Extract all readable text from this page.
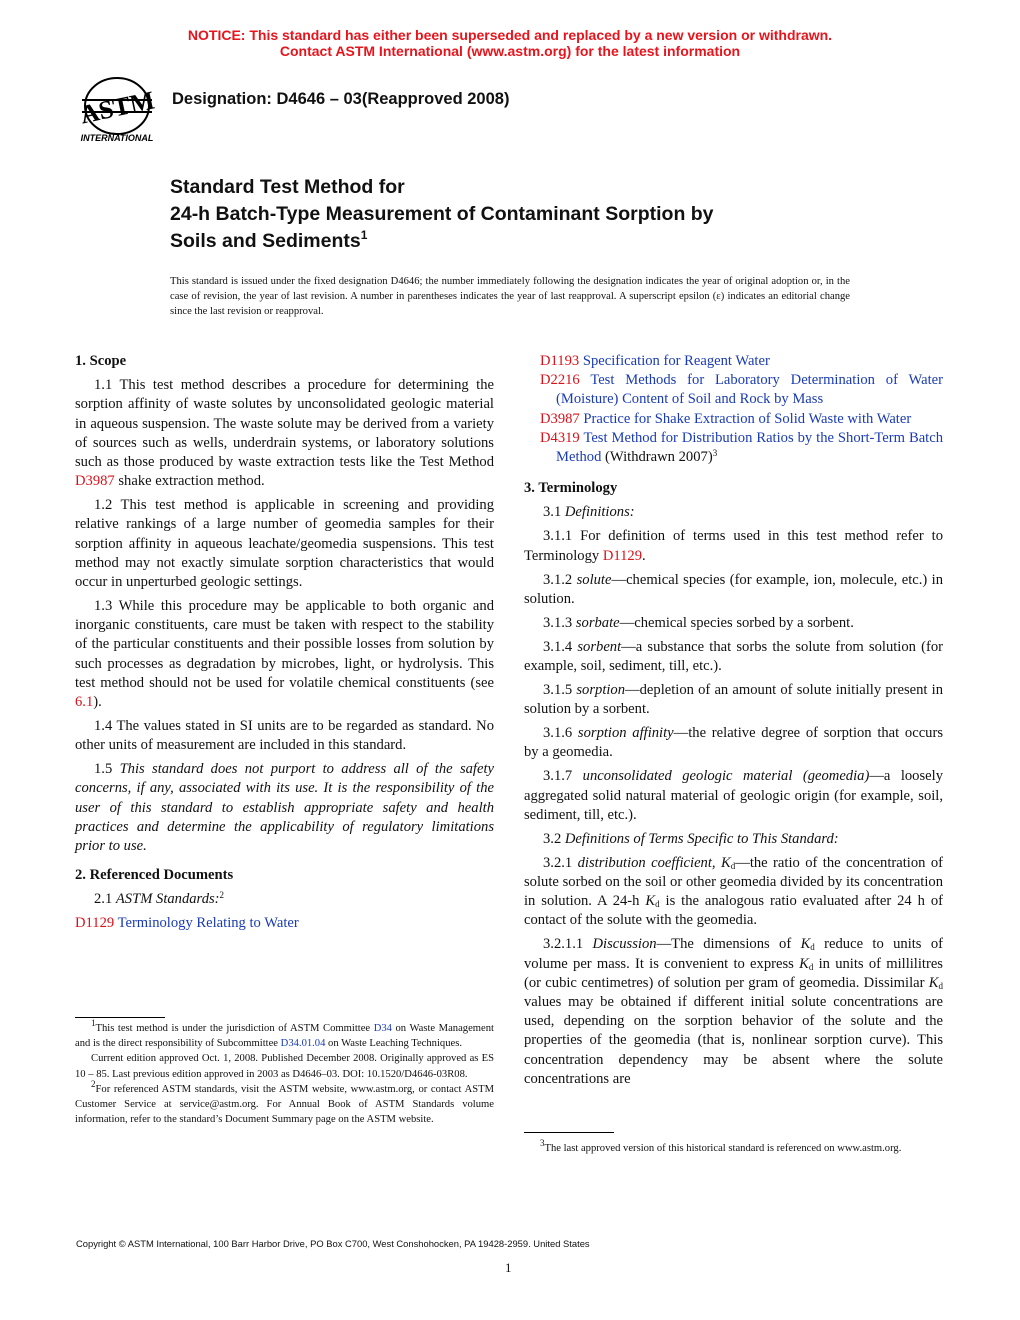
NOTICE: This standard has either been superseded and replaced by a new version or withdrawn.
Contact ASTM International (www.astm.org) for the latest information
ASTM
INTERNATIONAL
Designation: D4646 – 03(Reapproved 2008)
Standard Test Method for
24-h Batch-Type Measurement of Contaminant Sorption by
Soils and Sediments$^1$
This standard is issued under the fixed designation D4646; the number immediately following the designation indicates the year of original adoption or, in the case of revision, the year of last revision. A number in parentheses indicates the year of last reapproval. A superscript epsilon (ε) indicates an editorial change since the last revision or reapproval.
1. Scope

1.1 This test method describes a procedure for determining the sorption affinity of waste solutes by unconsolidated geologic material in aqueous suspension. The waste solute may be derived from a variety of sources such as wells, underdrain systems, or laboratory solutions such as those produced by waste extraction tests like the Test Method D3987 shake extraction method.

1.2 This test method is applicable in screening and providing relative rankings of a large number of geomedia samples for their sorption affinity in aqueous leachate/geomedia suspensions. This test method may not exactly simulate sorption characteristics that would occur in unperturbed geologic settings.

1.3 While this procedure may be applicable to both organic and inorganic constituents, care must be taken with respect to the stability of the particular constituents and their possible losses from solution by such processes as degradation by microbes, light, or hydrolysis. This test method should not be used for volatile chemical constituents (see 6.1).

1.4 The values stated in SI units are to be regarded as standard. No other units of measurement are included in this standard.

1.5 This standard does not purport to address all of the safety concerns, if any, associated with its use. It is the responsibility of the user of this standard to establish appropriate safety and health practices and determine the applicability of regulatory limitations prior to use.

2. Referenced Documents

2.1 ASTM Standards:$^2$

D1129 Terminology Relating to Water

$^1$This test method is under the jurisdiction of ASTM Committee D34 on Waste Management and is the direct responsibility of Subcommittee D34.01.04 on Waste Leaching Techniques.

Current edition approved Oct. 1, 2008. Published December 2008. Originally approved as ES 10 – 85. Last previous edition approved in 2003 as D4646–03. DOI: 10.1520/D4646-03R08.

$^2$For referenced ASTM standards, visit the ASTM website, www.astm.org, or contact ASTM Customer Service at service@astm.org. For Annual Book of ASTM Standards volume information, refer to the standard’s Document Summary page on the ASTM website.

D1193 Specification for Reagent Water

D2216 Test Methods for Laboratory Determination of Water (Moisture) Content of Soil and Rock by Mass

D3987 Practice for Shake Extraction of Solid Waste with Water

D4319 Test Method for Distribution Ratios by the Short-Term Batch Method (Withdrawn 2007)$^3$

3. Terminology

3.1 Definitions:

3.1.1 For definition of terms used in this test method refer to Terminology D1129.

3.1.2 solute—chemical species (for example, ion, molecule, etc.) in solution.

3.1.3 sorbate—chemical species sorbed by a sorbent.

3.1.4 sorbent—a substance that sorbs the solute from solution (for example, soil, sediment, till, etc.).

3.1.5 sorption—depletion of an amount of solute initially present in solution by a sorbent.

3.1.6 sorption affinity—the relative degree of sorption that occurs by a geomedia.

3.1.7 unconsolidated geologic material (geomedia)—a loosely aggregated solid natural material of geologic origin (for example, soil, sediment, till, etc.).

3.2 Definitions of Terms Specific to This Standard:

3.2.1 distribution coefficient, $K_d—the$ ratio of the concentration of solute sorbed on the soil or other geomedia divided by its concentration in solution. A 24-h $K_d$ is the analogous ratio evaluated after 24 h of contact of the solute with the geomedia.

3.2.1.1 Discussion—The dimensions of $K_d$ reduce to units of volume per mass. It is convenient to express $K_d$ in units of millilitres (or cubic centimetres) of solution per gram of geomedia. Dissimilar $K_d$ values may be obtained if different initial solute concentrations are used, depending on the sorption behavior of the solute and the properties of the geomedia (that is, nonlinear sorption curve). This concentration dependency may be absent where the solute concentrations are

$^3$The last approved version of this historical standard is referenced on www.astm.org.

Copyright © ASTM International, 100 Barr Harbor Drive, PO Box C700, West Conshohocken, PA 19428-2959. United States
1
